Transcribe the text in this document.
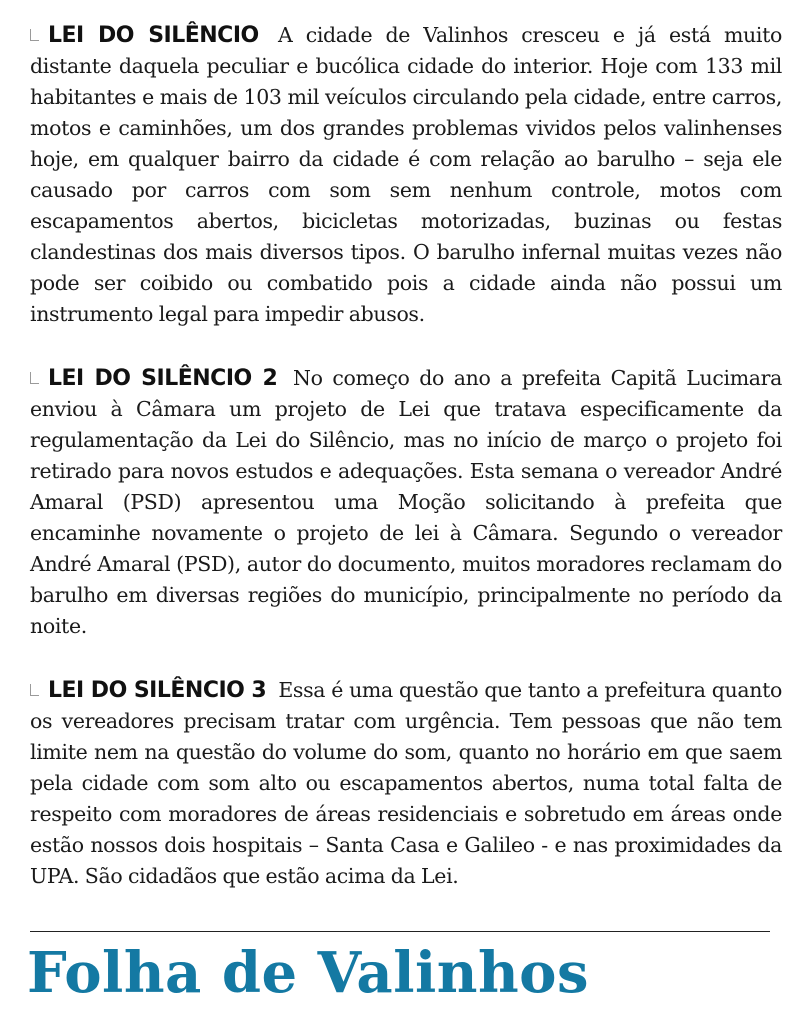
LEI DO SILÊNCIO A cidade de Valinhos cresceu e já está muito distante daquela peculiar e bucólica cidade do interior. Hoje com 133 mil habitantes e mais de 103 mil veículos circulando pela cidade, entre carros, motos e caminhões, um dos grandes problemas vividos pelos valinhenses hoje, em qualquer bairro da cidade é com relação ao barulho – seja ele causado por carros com som sem nenhum controle, motos com escapamentos abertos, bicicletas motorizadas, buzinas ou festas clandestinas dos mais diversos tipos. O barulho infernal muitas vezes não pode ser coibido ou combatido pois a cidade ainda não possui um instrumento legal para impedir abusos.

LEI DO SILÊNCIO 2 No começo do ano a prefeita Capitã Lucimara enviou à Câmara um projeto de Lei que tratava especificamente da regulamentação da Lei do Silêncio, mas no início de março o projeto foi retirado para novos estudos e adequações. Esta semana o vereador André Amaral (PSD) apresentou uma Moção solicitando à prefeita que encaminhe novamente o projeto de lei à Câmara. Segundo o vereador André Amaral (PSD), autor do documento, muitos moradores reclamam do barulho em diversas regiões do município, principalmente no período da noite.

LEI DO SILÊNCIO 3 Essa é uma questão que tanto a prefeitura quanto os vereadores precisam tratar com urgência. Tem pessoas que não tem limite nem na questão do volume do som, quanto no horário em que saem pela cidade com som alto ou escapamentos abertos, numa total falta de respeito com moradores de áreas residenciais e sobretudo em áreas onde estão nossos dois hospitais – Santa Casa e Galileo - e nas proximidades da UPA. São cidadãos que estão acima da Lei.

Folha de Valinhos
